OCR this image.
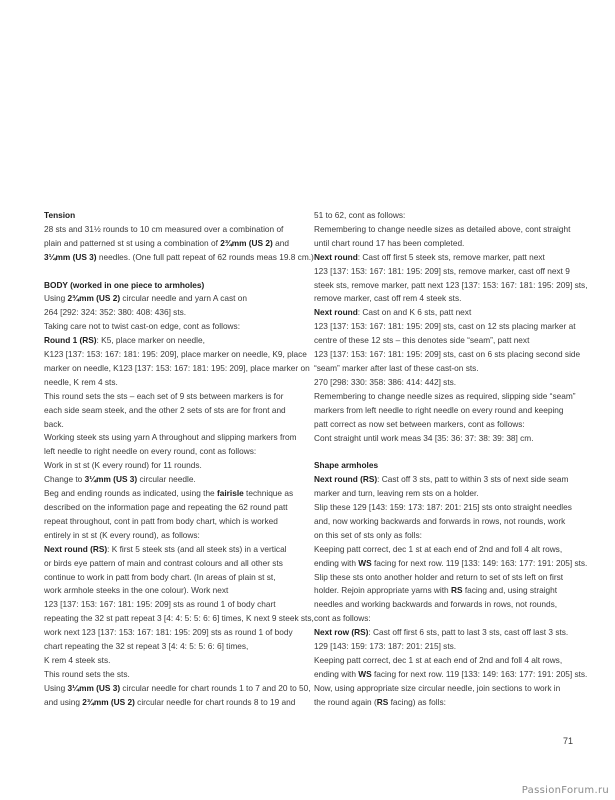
Tension

28 sts and 31½ rounds to 10 cm measured over a combination of

plain and patterned st st using a combination of 2¾mm (US 2) and

3¼mm (US 3) needles. (One full patt repeat of 62 rounds meas 19.8 cm.)

BODY (worked in one piece to armholes)

Using 2¾mm (US 2) circular needle and yarn A cast on

264 [292: 324: 352: 380: 408: 436] sts.

Taking care not to twist cast-on edge, cont as follows:

Round 1 (RS): K5, place marker on needle,

K123 [137: 153: 167: 181: 195: 209], place marker on needle, K9, place

marker on needle, K123 [137: 153: 167: 181: 195: 209], place marker on

needle, K rem 4 sts.

This round sets the sts – each set of 9 sts between markers is for

each side seam steek, and the other 2 sets of sts are for front and

back.

Working steek sts using yarn A throughout and slipping markers from

left needle to right needle on every round, cont as follows:

Work in st st (K every round) for 11 rounds.

Change to 3¼mm (US 3) circular needle.

Beg and ending rounds as indicated, using the fairisle technique as

described on the information page and repeating the 62 round patt

repeat throughout, cont in patt from body chart, which is worked

entirely in st st (K every round), as follows:

Next round (RS): K first 5 steek sts (and all steek sts) in a vertical

or birds eye pattern of main and contrast colours and all other sts

continue to work in patt from body chart. (In areas of plain st st,

work armhole steeks in the one colour). Work next

123 [137: 153: 167: 181: 195: 209] sts as round 1 of body chart

repeating the 32 st patt repeat 3 [4: 4: 5: 5: 6: 6] times, K next 9 steek sts,

work next 123 [137: 153: 167: 181: 195: 209] sts as round 1 of body

chart repeating the 32 st repeat 3 [4: 4: 5: 5: 6: 6] times,

K rem 4 steek sts.

This round sets the sts.

Using 3¼mm (US 3) circular needle for chart rounds 1 to 7 and 20 to 50,

and using 2¾mm (US 2) circular needle for chart rounds 8 to 19 and

51 to 62, cont as follows:

Remembering to change needle sizes as detailed above, cont straight

until chart round 17 has been completed.

Next round: Cast off first 5 steek sts, remove marker, patt next

123 [137: 153: 167: 181: 195: 209] sts, remove marker, cast off next 9

steek sts, remove marker, patt next 123 [137: 153: 167: 181: 195: 209] sts,

remove marker, cast off rem 4 steek sts.

Next round: Cast on and K 6 sts, patt next

123 [137: 153: 167: 181: 195: 209] sts, cast on 12 sts placing marker at

centre of these 12 sts – this denotes side “seam”, patt next

123 [137: 153: 167: 181: 195: 209] sts, cast on 6 sts placing second side

“seam” marker after last of these cast-on sts.

270 [298: 330: 358: 386: 414: 442] sts.

Remembering to change needle sizes as required, slipping side “seam”

markers from left needle to right needle on every round and keeping

patt correct as now set between markers, cont as follows:

Cont straight until work meas 34 [35: 36: 37: 38: 39: 38] cm.

Shape armholes

Next round (RS): Cast off 3 sts, patt to within 3 sts of next side seam

marker and turn, leaving rem sts on a holder.

Slip these 129 [143: 159: 173: 187: 201: 215] sts onto straight needles

and, now working backwards and forwards in rows, not rounds, work

on this set of sts only as folls:

Keeping patt correct, dec 1 st at each end of 2nd and foll 4 alt rows,

ending with WS facing for next row. 119 [133: 149: 163: 177: 191: 205] sts.

Slip these sts onto another holder and return to set of sts left on first

holder. Rejoin appropriate yarns with RS facing and, using straight

needles and working backwards and forwards in rows, not rounds,

cont as follows:

Next row (RS): Cast off first 6 sts, patt to last 3 sts, cast off last 3 sts.

129 [143: 159: 173: 187: 201: 215] sts.

Keeping patt correct, dec 1 st at each end of 2nd and foll 4 alt rows,

ending with WS facing for next row. 119 [133: 149: 163: 177: 191: 205] sts.

Now, using appropriate size circular needle, join sections to work in

the round again (RS facing) as folls:

71
PassionForum.ru
